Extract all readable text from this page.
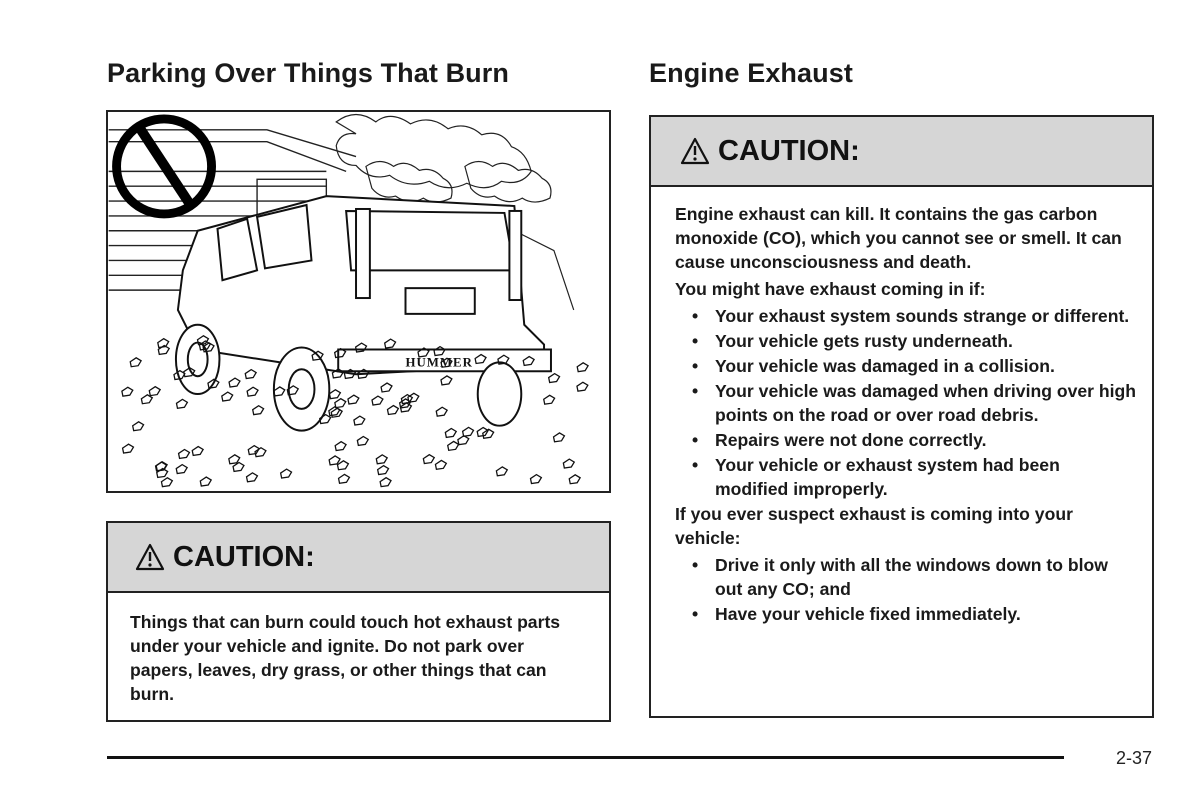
Parking Over Things That Burn	Engine Exhaust
HUMMER
CAUTION:
Things that can burn could touch hot exhaust parts under your vehicle and ignite. Do not park over papers, leaves, dry grass, or other things that can burn.
CAUTION:

Engine exhaust can kill. It contains the gas carbon monoxide (CO), which you cannot see or smell. It can cause unconsciousness and death.

You might have exhaust coming in if:

• Your exhaust system sounds strange or different.
• Your vehicle gets rusty underneath.
• Your vehicle was damaged in a collision.
• Your vehicle was damaged when driving over high points on the road or over road debris.
• Repairs were not done correctly.
• Your vehicle or exhaust system had been modified improperly.

If you ever suspect exhaust is coming into your vehicle:

• Drive it only with all the windows down to blow out any CO; and
• Have your vehicle fixed immediately.
2-37
